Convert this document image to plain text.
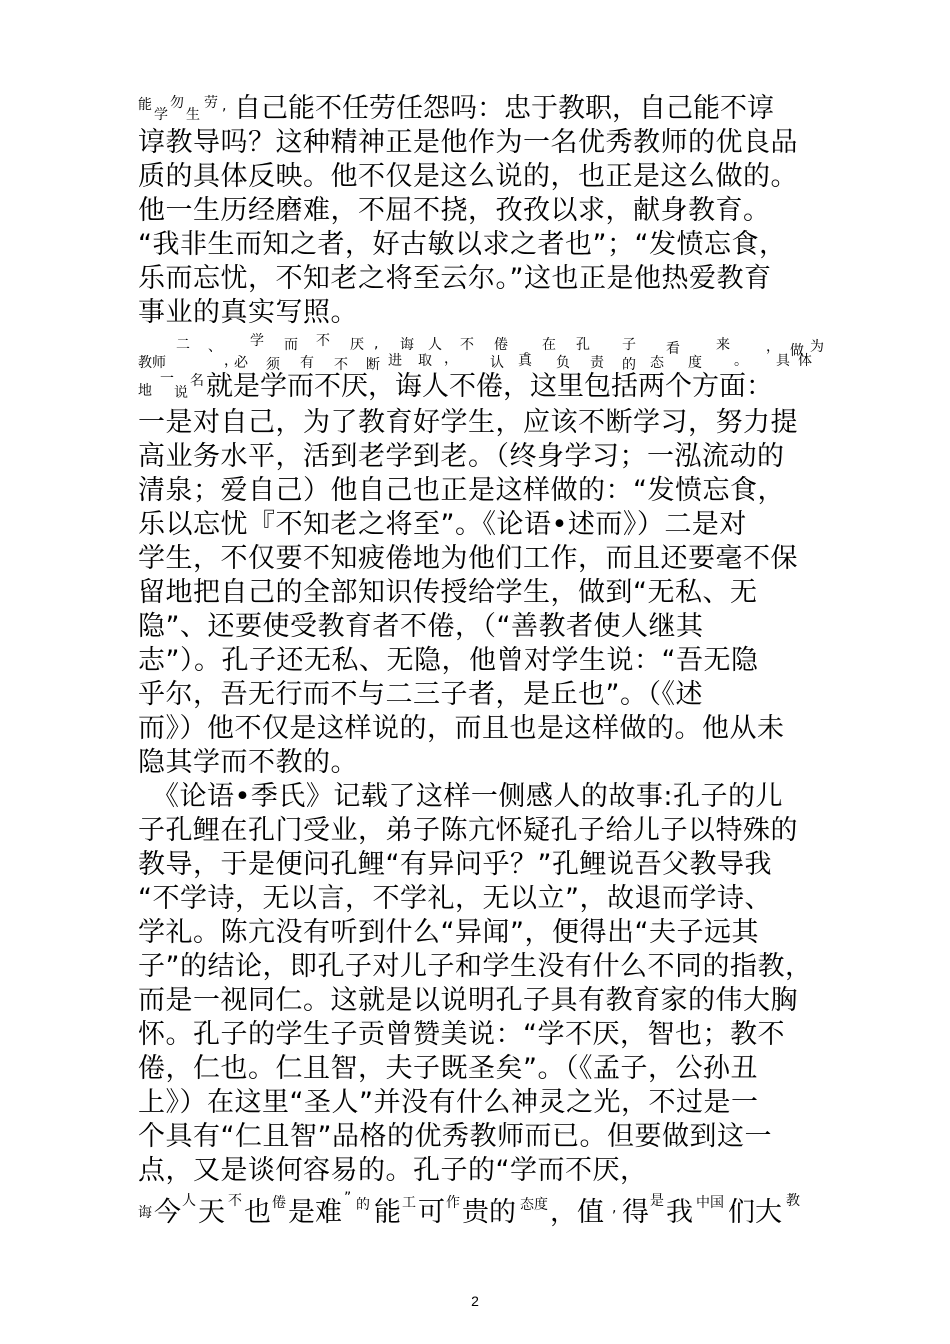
能
学
勿
生
劳 , 自己能不任劳任怨吗：忠于教职，自己能不谆
谆教导吗？这种精神正是他作为一名优秀教师的优良品
质的具体反映。他不仅是这么说的，也正是这么做的。
他一生历经磨难，不屈不挠，孜孜以求，献身教育。
“我非生而知之者，好古敏以求之者也”；“发愤忘食，
乐而忘忧，不知老之将至云尔。”这也正是他热爱教育
事业的真实写照。
二 、 学 而 不 厌 , 诲 人 不 倦 。 在 孔 子 看	来	， 做 为
教师	，
必 须 有 不 断 进 取 ， 认 真 负 责 的 态 度 。 具 体
地
一
说
名 就是学而不厌，诲人不倦，这里包括两个方面：
一是对自己，为了教育好学生，应该不断学习，努力提
高业务水平，活到老学到老。（终身学习；一泓流动的
清泉；爱自己）他自己也正是这样做的：“发愤忘食，
乐以忘忧『不知老之将至”。《论语•述而》）二是对
学生，不仅要不知疲倦地为他们工作，而且还要毫不保
留地把自己的全部知识传授给学生，做到“无私、无
隐”、还要使受教育者不倦，（“善教者使人继其
志”）。孔子还无私、无隐，他曾对学生说：“吾无隐
乎尔，吾无行而不与二三子者，是丘也”。（《述
而》）他不仅是这样说的，而且也是这样做的。他从未
隐其学而不教的。
《论语•季氏》记载了这样一侧感人的故事:孔子的儿
子孔鲤在孔门受业，弟子陈亢怀疑孔子给儿子以特殊的
教导，于是便问孔鲤“有异问乎？”孔鲤说吾父教导我
“不学诗，无以言，不学礼，无以立”，故退而学诗、
学礼。陈亢没有听到什么“异闻”，便得出“夫子远其
子”的结论，即孔子对儿子和学生没有什么不同的指教，
而是一视同仁。这就是以说明孔子具有教育家的伟大胸
怀。孔子的学生子贡曾赞美说：“学不厌，智也；教不
倦，仁也。仁且智，夫子既圣矣”。（《孟子，公孙丑
上》）在这里“圣人”并没有什么神灵之光，不过是一
个具有“仁且智”品格的优秀教师而已。但要做到这一
点，又是谈何容易的。孔子的“学而不厌，
诲 今 人 天 不 也 倦 是难 ” 的 能 工 可 作 贵的 态度 ，值 , 得 是 我 中国 们大 教
2
